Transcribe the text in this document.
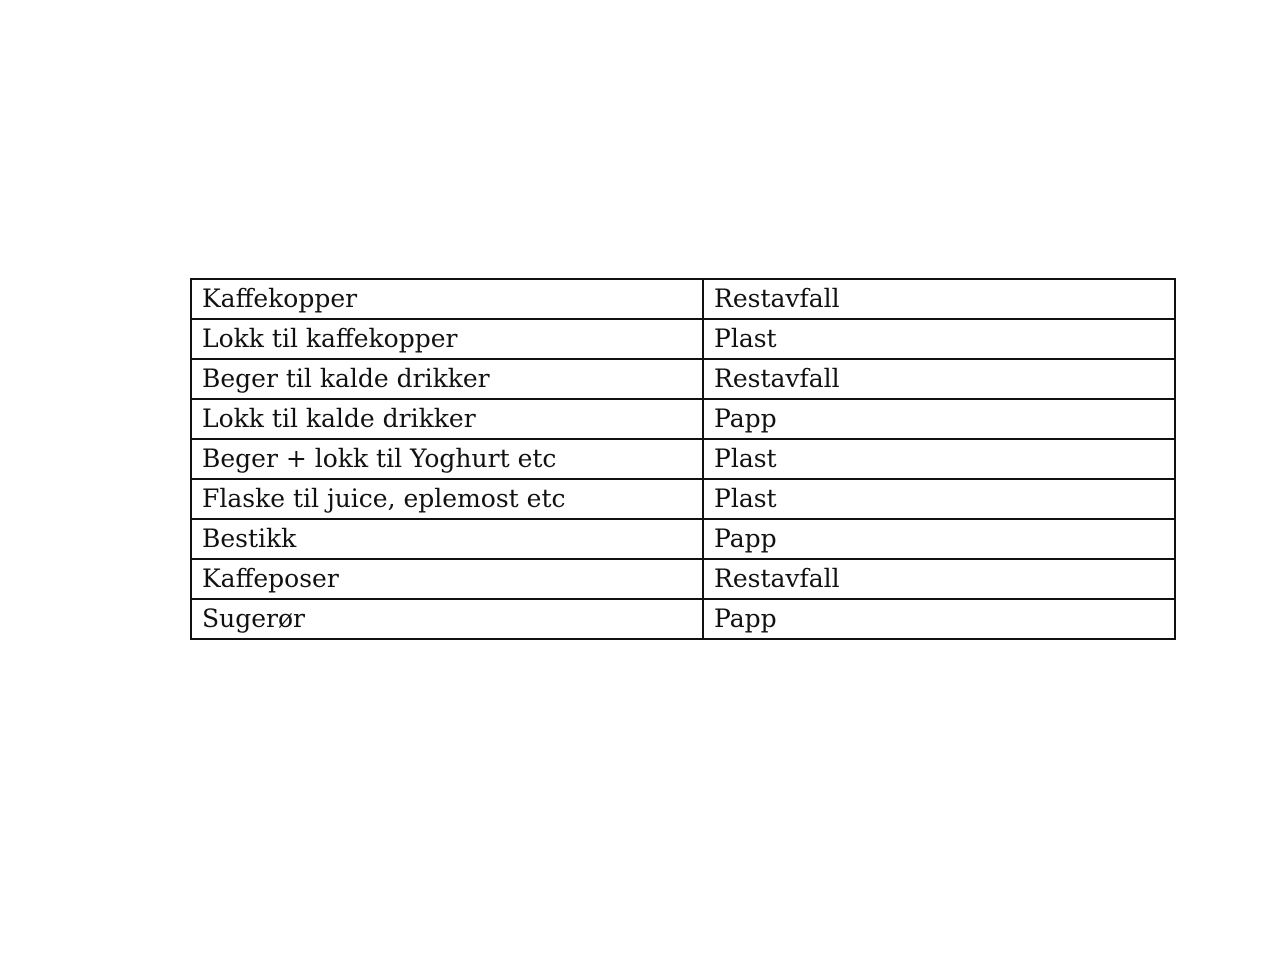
Kaffekopper	Restavfall
Lokk til kaffekopper	Plast
Beger til kalde drikker	Restavfall
Lokk til kalde drikker	Papp
Beger + lokk til Yoghurt etc	Plast
Flaske til juice, eplemost etc	Plast
Bestikk	Papp
Kaffeposer	Restavfall
Sugerør	Papp
